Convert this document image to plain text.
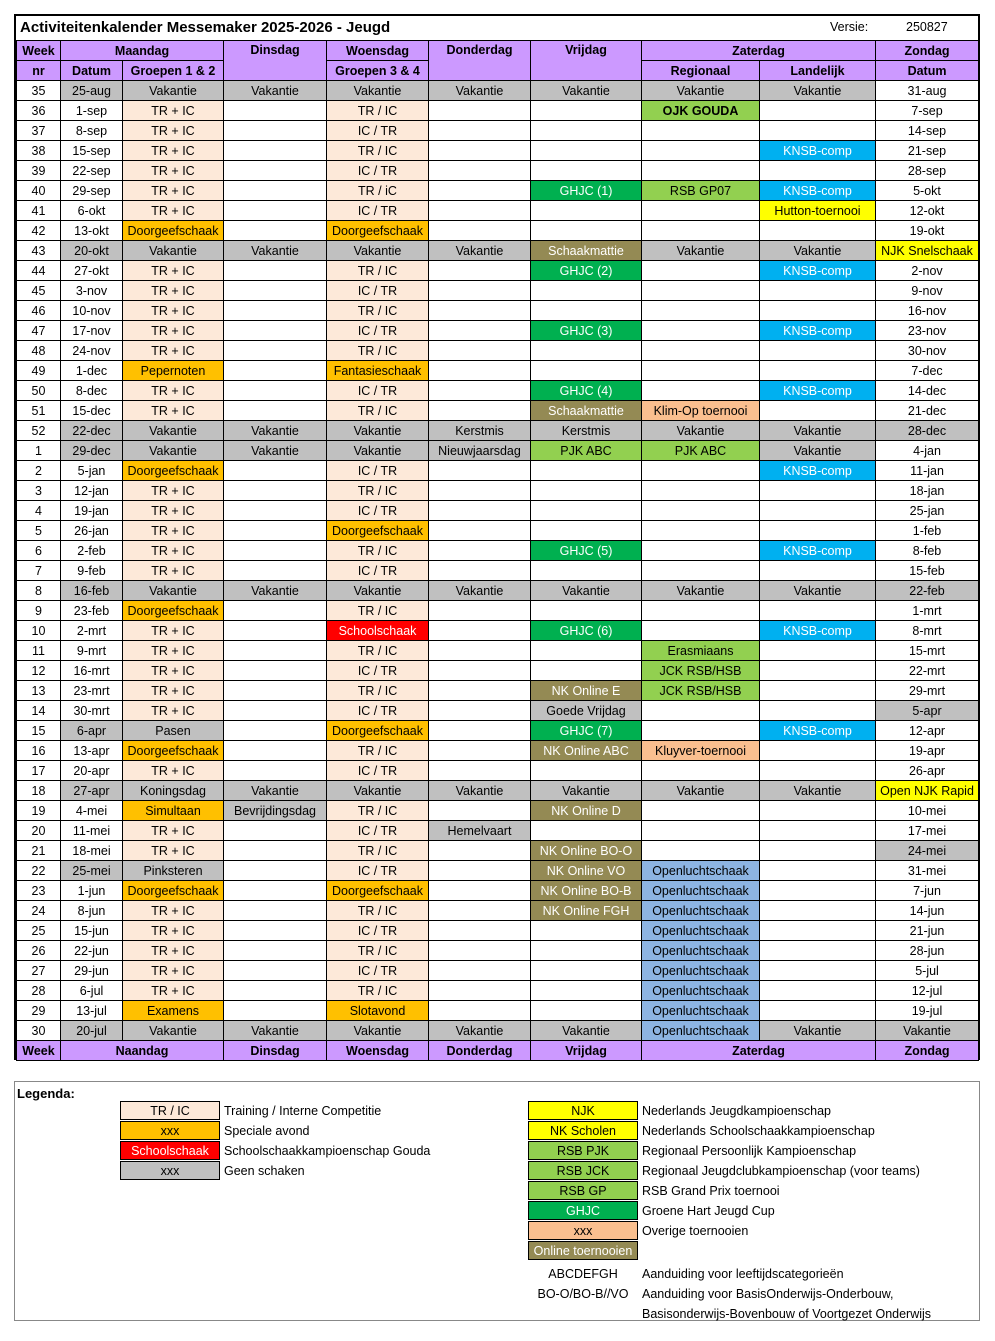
Activiteitenkalender Messemaker 2025-2026 - Jeugd	Versie:	250827
Week	Maandag		Dinsdag	Woensdag	Donderdag	Vrijdag	Zaterdag		Zondag
nr	Datum	Groepen 1 & 2		Groepen 3 & 4			Regionaal	Landelijk	Datum
35	25-aug	Vakantie	Vakantie	Vakantie	Vakantie	Vakantie	Vakantie	Vakantie	31-aug
36	1-sep	TR + IC		TR / IC			OJK GOUDA		7-sep
37	8-sep	TR + IC		IC / TR					14-sep
38	15-sep	TR + IC		TR / IC				KNSB-comp	21-sep
39	22-sep	TR + IC		IC / TR					28-sep
40	29-sep	TR + IC		TR / iC		GHJC (1)	RSB GP07	KNSB-comp	5-okt
41	6-okt	TR + IC		IC / TR				Hutton-toernooi	12-okt
42	13-okt	Doorgeefschaak		Doorgeefschaak					19-okt
43	20-okt	Vakantie	Vakantie	Vakantie	Vakantie	Schaakmattie	Vakantie	Vakantie	NJK Snelschaak
44	27-okt	TR + IC		TR / IC		GHJC (2)		KNSB-comp	2-nov
45	3-nov	TR + IC		IC / TR					9-nov
46	10-nov	TR + IC		TR / IC					16-nov
47	17-nov	TR + IC		IC / TR		GHJC (3)		KNSB-comp	23-nov
48	24-nov	TR + IC		TR / IC					30-nov
49	1-dec	Pepernoten		Fantasieschaak					7-dec
50	8-dec	TR + IC		IC / TR		GHJC (4)		KNSB-comp	14-dec
51	15-dec	TR + IC		TR / IC		Schaakmattie	Klim-Op toernooi		21-dec
52	22-dec	Vakantie	Vakantie	Vakantie	Kerstmis	Kerstmis	Vakantie	Vakantie	28-dec
1	29-dec	Vakantie	Vakantie	Vakantie	Nieuwjaarsdag	PJK ABC	PJK ABC	Vakantie	4-jan
2	5-jan	Doorgeefschaak		IC / TR				KNSB-comp	11-jan
3	12-jan	TR + IC		TR / IC					18-jan
4	19-jan	TR + IC		IC / TR					25-jan
5	26-jan	TR + IC		Doorgeefschaak					1-feb
6	2-feb	TR + IC		TR / IC		GHJC (5)		KNSB-comp	8-feb
7	9-feb	TR + IC		IC / TR					15-feb
8	16-feb	Vakantie	Vakantie	Vakantie	Vakantie	Vakantie	Vakantie	Vakantie	22-feb
9	23-feb	Doorgeefschaak		TR / IC					1-mrt
10	2-mrt	TR + IC		Schoolschaak		GHJC (6)		KNSB-comp	8-mrt
11	9-mrt	TR + IC		TR / IC			Erasmiaans		15-mrt
12	16-mrt	TR + IC		IC / TR			JCK RSB/HSB		22-mrt
13	23-mrt	TR + IC		TR / IC		NK Online E	JCK RSB/HSB		29-mrt
14	30-mrt	TR + IC		IC / TR		Goede Vrijdag			5-apr
15	6-apr	Pasen		Doorgeefschaak		GHJC (7)		KNSB-comp	12-apr
16	13-apr	Doorgeefschaak		TR / IC		NK Online ABC	Kluyver-toernooi		19-apr
17	20-apr	TR + IC		IC / TR					26-apr
18	27-apr	Koningsdag	Vakantie	Vakantie	Vakantie	Vakantie	Vakantie	Vakantie	Open NJK Rapid
19	4-mei	Simultaan	Bevrijdingsdag	TR / IC		NK Online D			10-mei
20	11-mei	TR + IC		IC / TR	Hemelvaart				17-mei
21	18-mei	TR + IC		TR / IC		NK Online BO-O			24-mei
22	25-mei	Pinksteren		IC / TR		NK Online VO	Openluchtschaak		31-mei
23	1-jun	Doorgeefschaak		Doorgeefschaak		NK Online BO-B	Openluchtschaak		7-jun
24	8-jun	TR + IC		TR / IC		NK Online FGH	Openluchtschaak		14-jun
25	15-jun	TR + IC		IC / TR			Openluchtschaak		21-jun
26	22-jun	TR + IC		TR / IC			Openluchtschaak		28-jun
27	29-jun	TR + IC		IC / TR			Openluchtschaak		5-jul
28	6-jul	TR + IC		TR / IC			Openluchtschaak		12-jul
29	13-jul	Examens		Slotavond			Openluchtschaak		19-jul
30	20-jul	Vakantie	Vakantie	Vakantie	Vakantie	Vakantie	Openluchtschaak	Vakantie	Vakantie
Week	Naandag		Dinsdag	Woensdag	Donderdag	Vrijdag	Zaterdag		Zondag
Legenda:
TR / IC	Training / Interne Competitie
xxx	Speciale avond
Schoolschaak	Schoolschaakkampioenschap Gouda
xxx	Geen schaken
NJK	Nederlands Jeugdkampioenschap
NK Scholen	Nederlands Schoolschaakkampioenschap
RSB PJK	Regionaal Persoonlijk Kampioenschap
RSB JCK	Regionaal Jeugdclubkampioenschap (voor teams)
RSB GP	RSB Grand Prix toernooi
GHJC	Groene Hart Jeugd Cup
xxx	Overige toernooien
Online toernooien
ABCDEFGH	Aanduiding voor leeftijdscategorieën
BO-O/BO-B//VO	Aanduiding voor BasisOnderwijs-Onderbouw,
Basisonderwijs-Bovenbouw of Voortgezet Onderwijs
